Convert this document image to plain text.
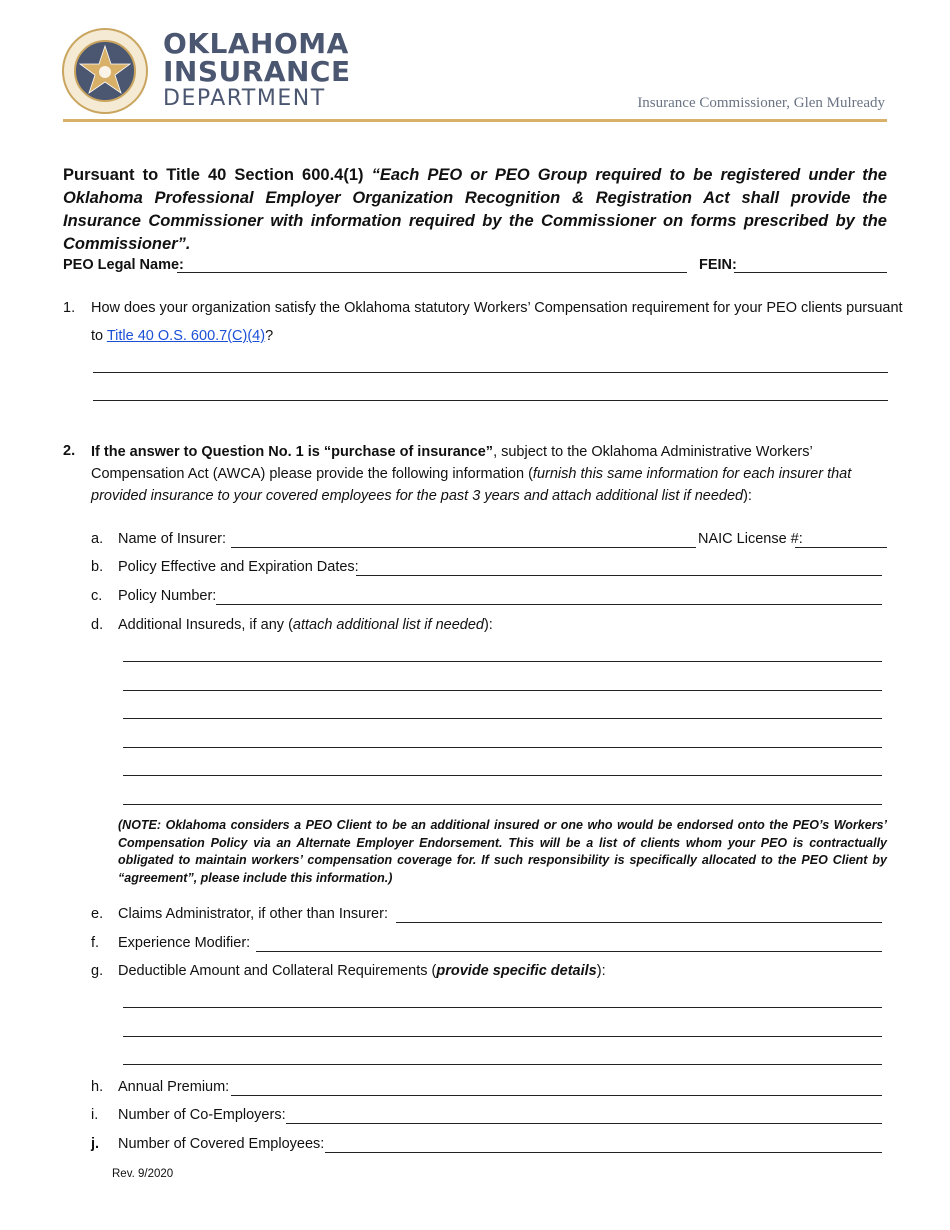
OKLAHOMA
INSURANCE
DEPARTMENT	Insurance Commissioner, Glen Mulready
Pursuant to Title 40 Section 600.4(1) “Each PEO or PEO Group required to be registered under the Oklahoma Professional Employer Organization Recognition & Registration Act shall provide the Insurance Commissioner with information required by the Commissioner on forms prescribed by the Commissioner”.
PEO Legal Name:	FEIN:
1. How does your organization satisfy the Oklahoma statutory Workers’ Compensation requirement for your PEO clients pursuant
to Title 40 O.S. 600.7(C)(4)?
2. If the answer to Question No. 1 is “purchase of insurance”, subject to the Oklahoma Administrative Workers’ Compensation Act (AWCA) please provide the following information (furnish this same information for each insurer that provided insurance to your covered employees for the past 3 years and attach additional list if needed):
a. Name of Insurer:	NAIC License #:
b. Policy Effective and Expiration Dates:
c. Policy Number:
d. Additional Insureds, if any (attach additional list if needed):
(NOTE: Oklahoma considers a PEO Client to be an additional insured or one who would be endorsed onto the PEO’s Workers’ Compensation Policy via an Alternate Employer Endorsement. This will be a list of clients whom your PEO is contractually obligated to maintain workers’ compensation coverage for. If such responsibility is specifically allocated to the PEO Client by “agreement”, please include this information.)
e. Claims Administrator, if other than Insurer:
f. Experience Modifier:
g. Deductible Amount and Collateral Requirements (provide specific details):
h. Annual Premium:
i. Number of Co-Employers:
j. Number of Covered Employees:
Rev. 9/2020
